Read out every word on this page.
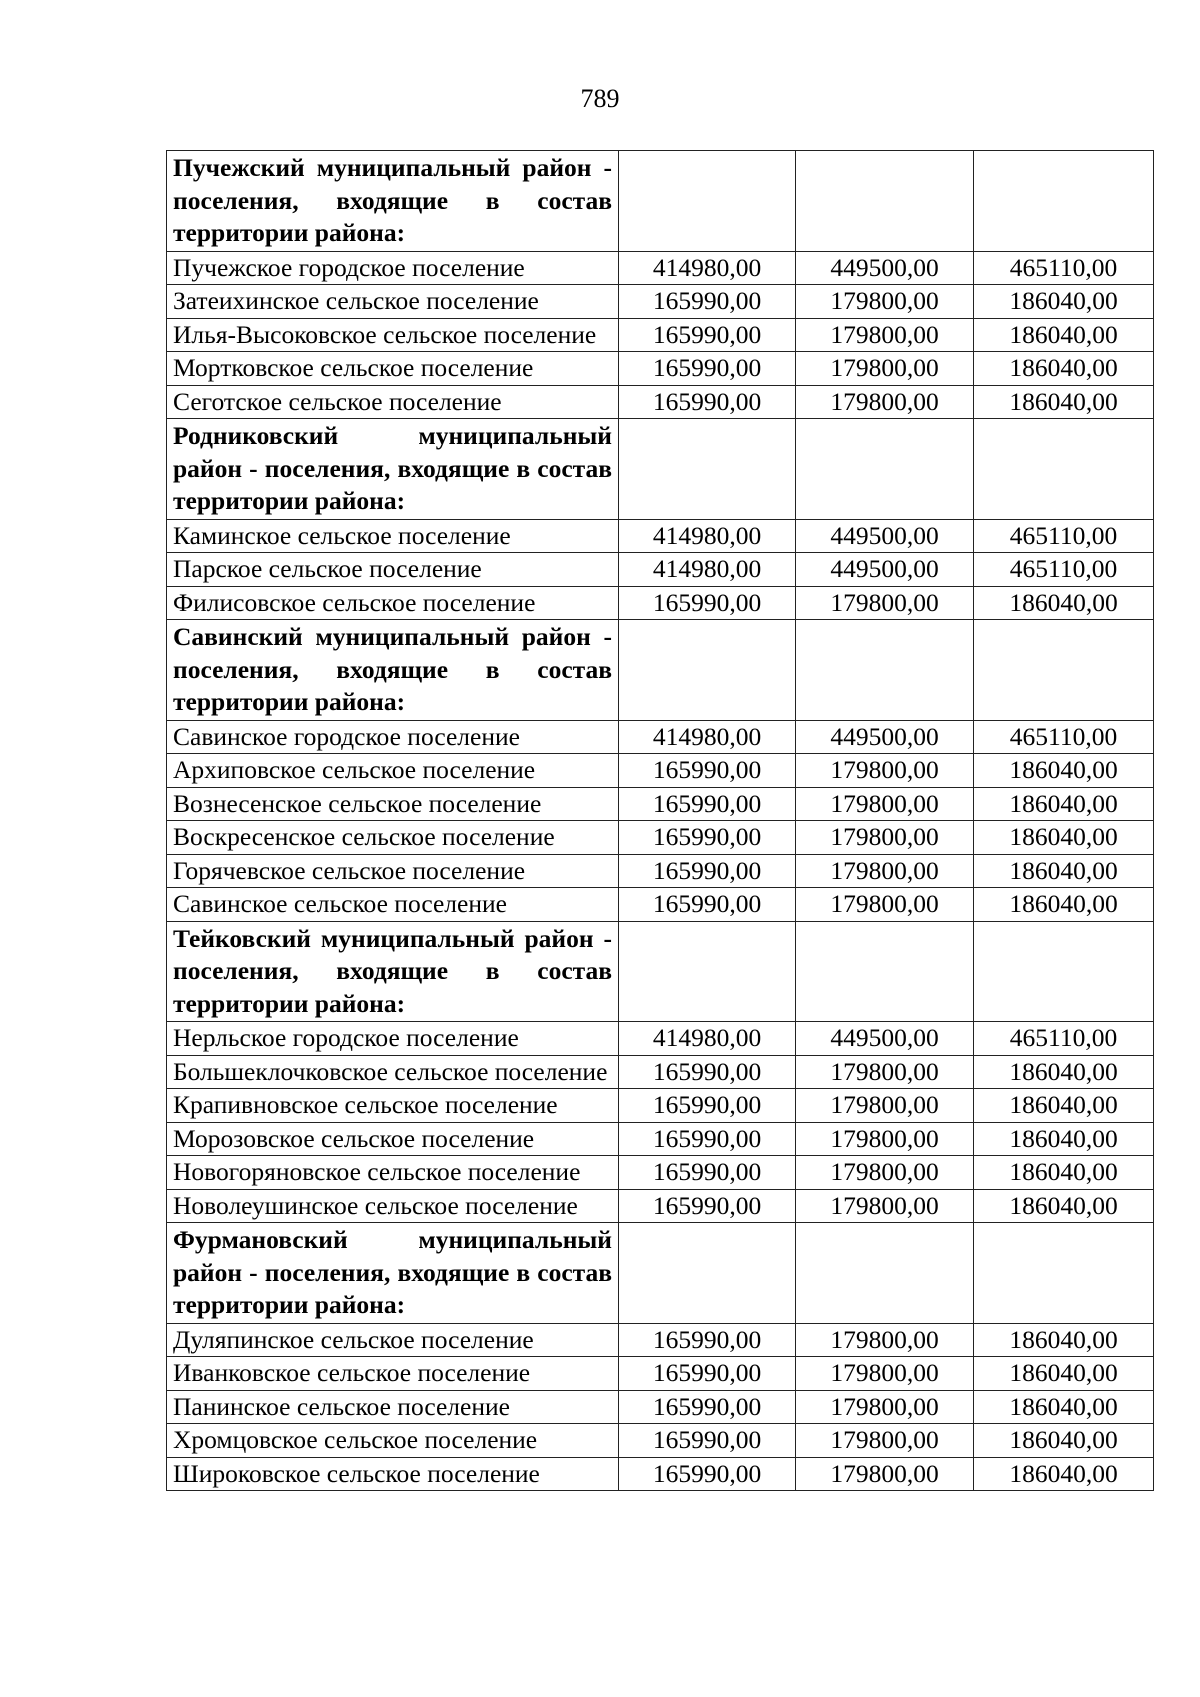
789
Пучежский муниципальный район - поселения, входящие в состав территории района:			
Пучежское городское поселение	414980,00	449500,00	465110,00
Затеихинское сельское поселение	165990,00	179800,00	186040,00
Илья-Высоковское сельское поселение	165990,00	179800,00	186040,00
Мортковское сельское поселение	165990,00	179800,00	186040,00
Сеготское сельское поселение	165990,00	179800,00	186040,00
Родниковский муниципальный район - поселения, входящие в состав территории района:			
Каминское сельское поселение	414980,00	449500,00	465110,00
Парское сельское поселение	414980,00	449500,00	465110,00
Филисовское сельское поселение	165990,00	179800,00	186040,00
Савинский муниципальный район - поселения, входящие в состав территории района:			
Савинское городское поселение	414980,00	449500,00	465110,00
Архиповское сельское поселение	165990,00	179800,00	186040,00
Вознесенское сельское поселение	165990,00	179800,00	186040,00
Воскресенское сельское поселение	165990,00	179800,00	186040,00
Горячевское сельское поселение	165990,00	179800,00	186040,00
Савинское сельское поселение	165990,00	179800,00	186040,00
Тейковский муниципальный район - поселения, входящие в состав территории района:			
Нерльское городское поселение	414980,00	449500,00	465110,00
Большеклочковское сельское поселение	165990,00	179800,00	186040,00
Крапивновское сельское поселение	165990,00	179800,00	186040,00
Морозовское сельское поселение	165990,00	179800,00	186040,00
Новогоряновское сельское поселение	165990,00	179800,00	186040,00
Новолеушинское сельское поселение	165990,00	179800,00	186040,00
Фурмановский муниципальный район - поселения, входящие в состав территории района:			
Дуляпинское сельское поселение	165990,00	179800,00	186040,00
Иванковское сельское поселение	165990,00	179800,00	186040,00
Панинское сельское поселение	165990,00	179800,00	186040,00
Хромцовское сельское поселение	165990,00	179800,00	186040,00
Широковское сельское поселение	165990,00	179800,00	186040,00
